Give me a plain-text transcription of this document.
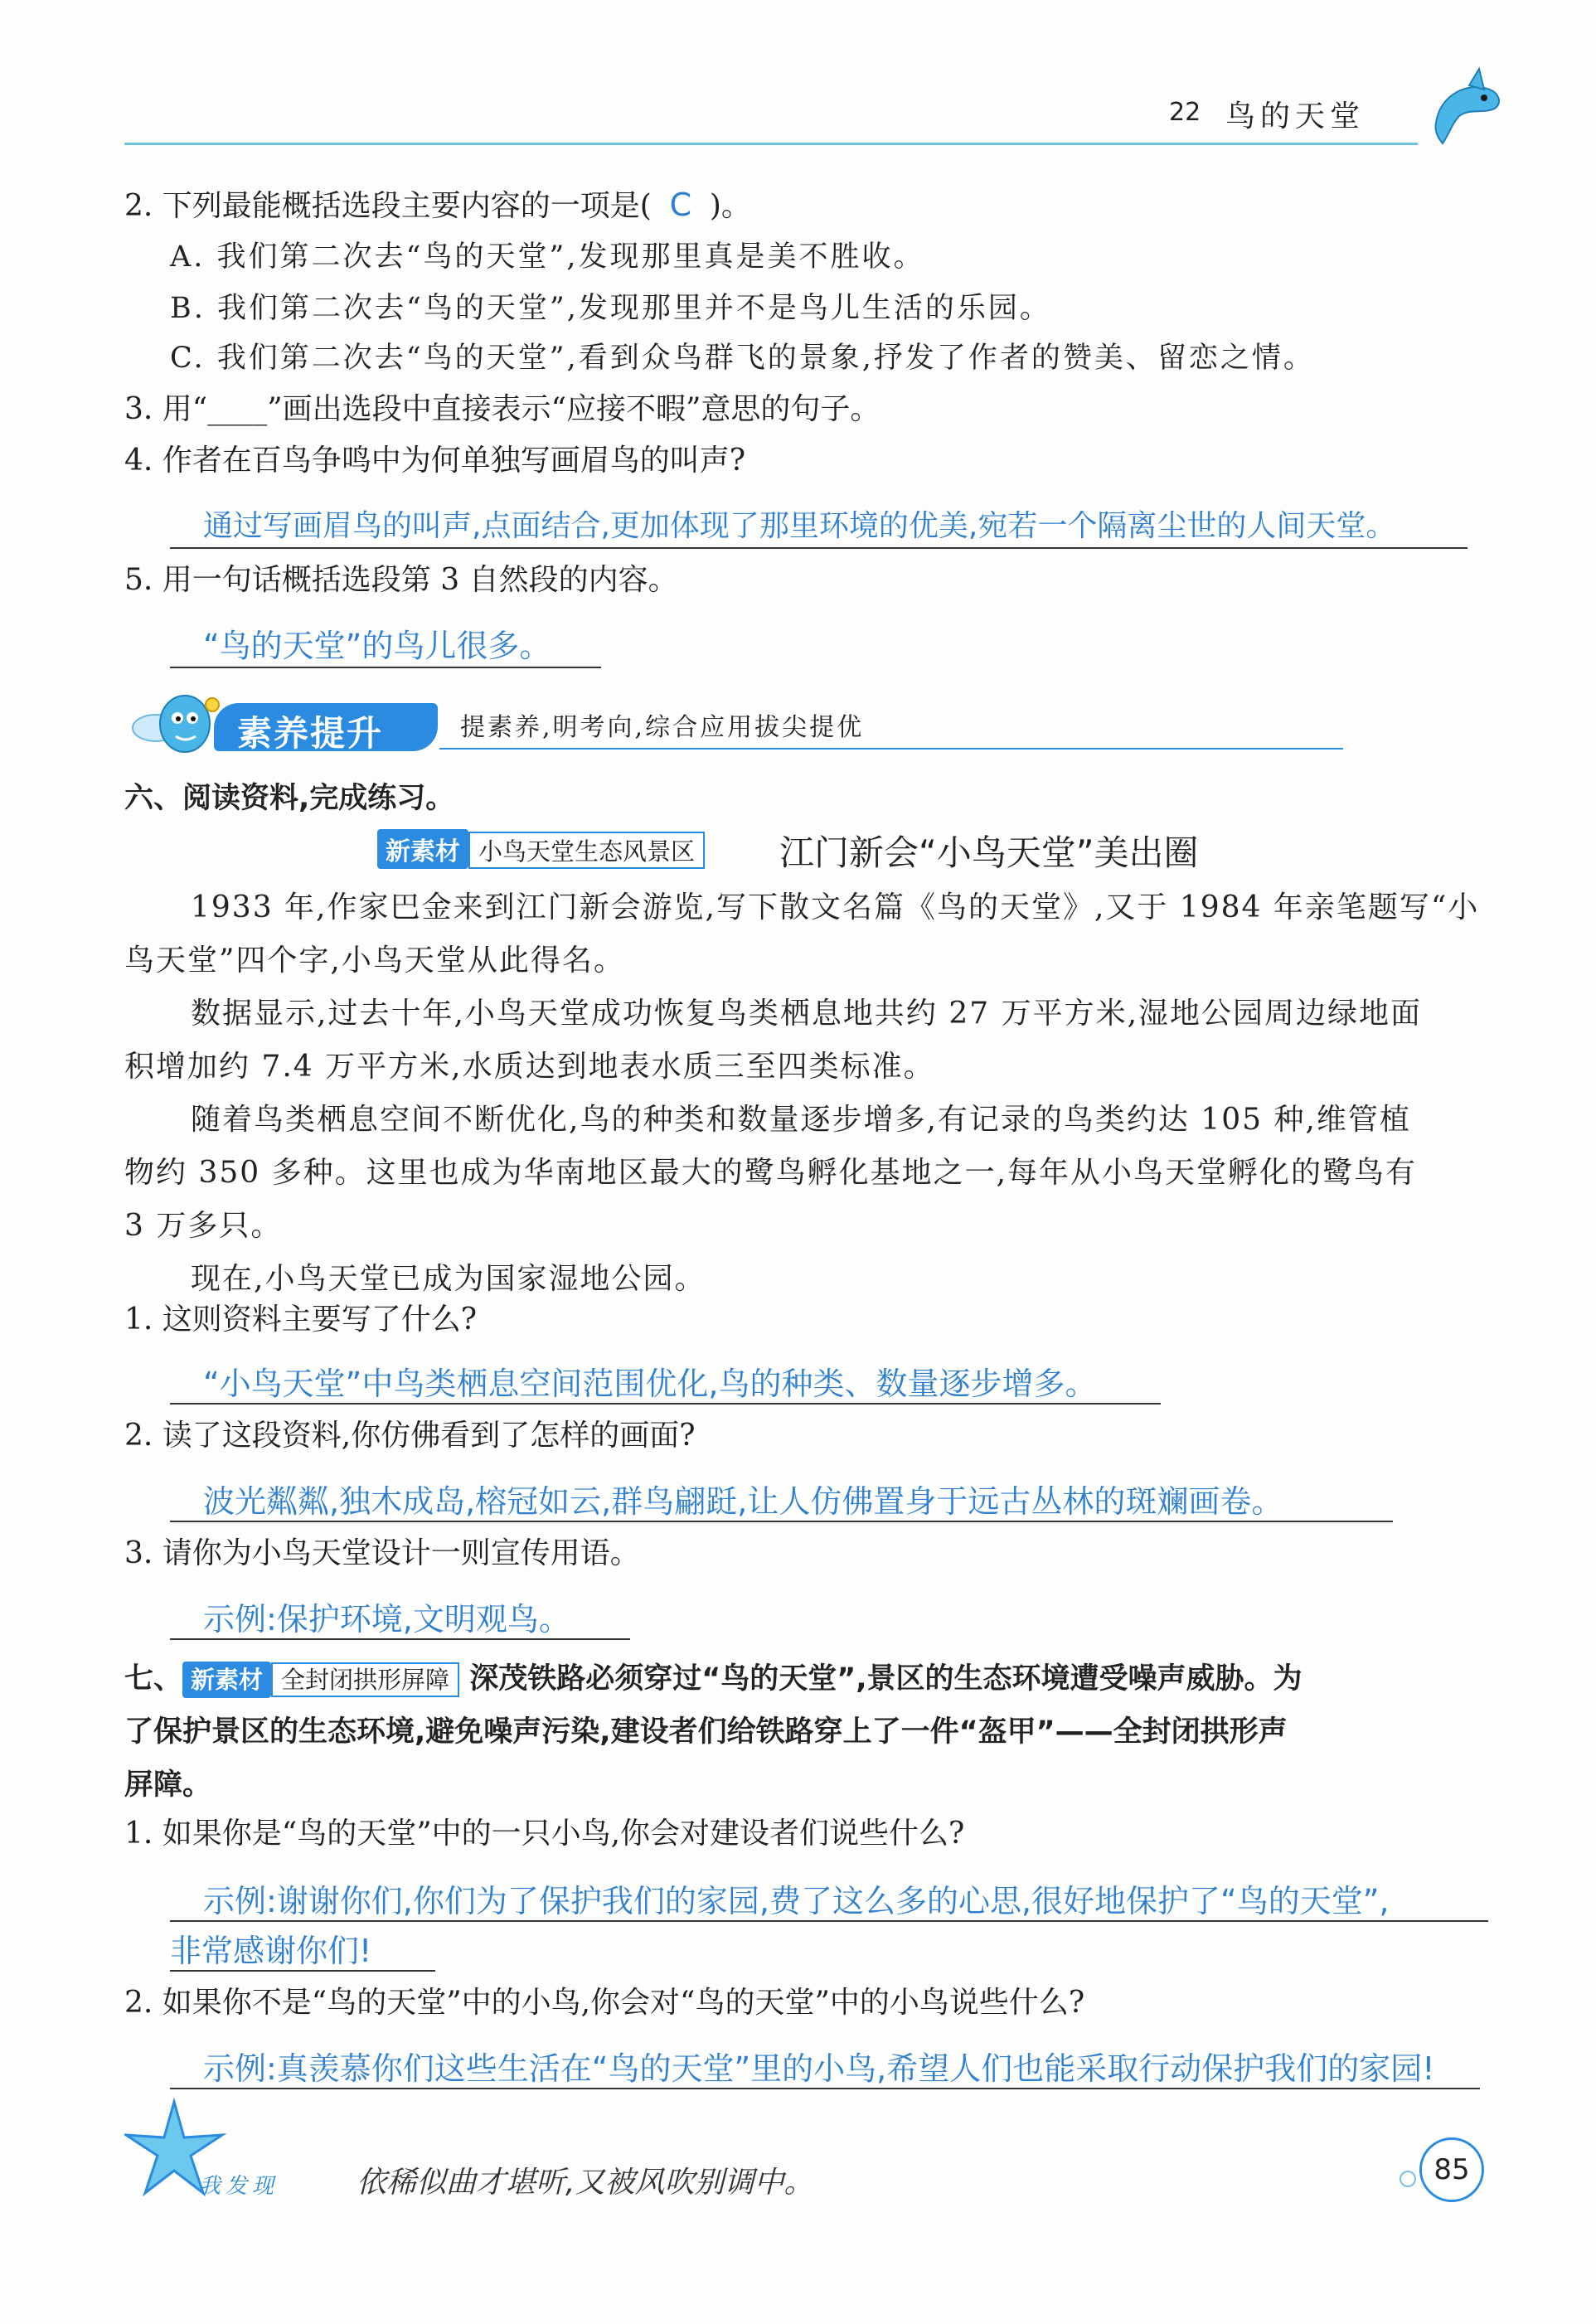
22 鸟的天堂
2. 下列最能概括选段主要内容的一项是( C )。
A. 我们第二次去“鸟的天堂”,发现那里真是美不胜收。
B. 我们第二次去“鸟的天堂”,发现那里并不是鸟儿生活的乐园。
C. 我们第二次去“鸟的天堂”,看到众鸟群飞的景象,抒发了作者的赞美、留恋之情。
3. 用“____”画出选段中直接表示“应接不暇”意思的句子。
4. 作者在百鸟争鸣中为何单独写画眉鸟的叫声?
通过写画眉鸟的叫声,点面结合,更加体现了那里环境的优美,宛若一个隔离尘世的人间天堂。
5. 用一句话概括选段第 3 自然段的内容。
“鸟的天堂”的鸟儿很多。
素养提升	提素养,明考向,综合应用拔尖提优
六、阅读资料,完成练习。
新素材 小鸟天堂生态风景区 江门新会“小鸟天堂”美出圈
1933 年,作家巴金来到江门新会游览,写下散文名篇《鸟的天堂》,又于 1984 年亲笔题写“小
鸟天堂”四个字,小鸟天堂从此得名。
数据显示,过去十年,小鸟天堂成功恢复鸟类栖息地共约 27 万平方米,湿地公园周边绿地面
积增加约 7.4 万平方米,水质达到地表水质三至四类标准。
随着鸟类栖息空间不断优化,鸟的种类和数量逐步增多,有记录的鸟类约达 105 种,维管植
物约 350 多种。这里也成为华南地区最大的鹭鸟孵化基地之一,每年从小鸟天堂孵化的鹭鸟有
3 万多只。
现在,小鸟天堂已成为国家湿地公园。
1. 这则资料主要写了什么?
“小鸟天堂”中鸟类栖息空间范围优化,鸟的种类、数量逐步增多。
2. 读了这段资料,你仿佛看到了怎样的画面?
波光粼粼,独木成岛,榕冠如云,群鸟翩跹,让人仿佛置身于远古丛林的斑斓画卷。
3. 请你为小鸟天堂设计一则宣传用语。
示例:保护环境,文明观鸟。
七、 新素材 全封闭拱形屏障 深茂铁路必须穿过“鸟的天堂”,景区的生态环境遭受噪声威胁。为
了保护景区的生态环境,避免噪声污染,建设者们给铁路穿上了一件“盔甲”——全封闭拱形声
屏障。
1. 如果你是“鸟的天堂”中的一只小鸟,你会对建设者们说些什么?
示例:谢谢你们,你们为了保护我们的家园,费了这么多的心思,很好地保护了“鸟的天堂”,
非常感谢你们!
2. 如果你不是“鸟的天堂”中的小鸟,你会对“鸟的天堂”中的小鸟说些什么?
示例:真羡慕你们这些生活在“鸟的天堂”里的小鸟,希望人们也能采取行动保护我们的家园!
我发现	依稀似曲才堪听,又被风吹别调中。	85
